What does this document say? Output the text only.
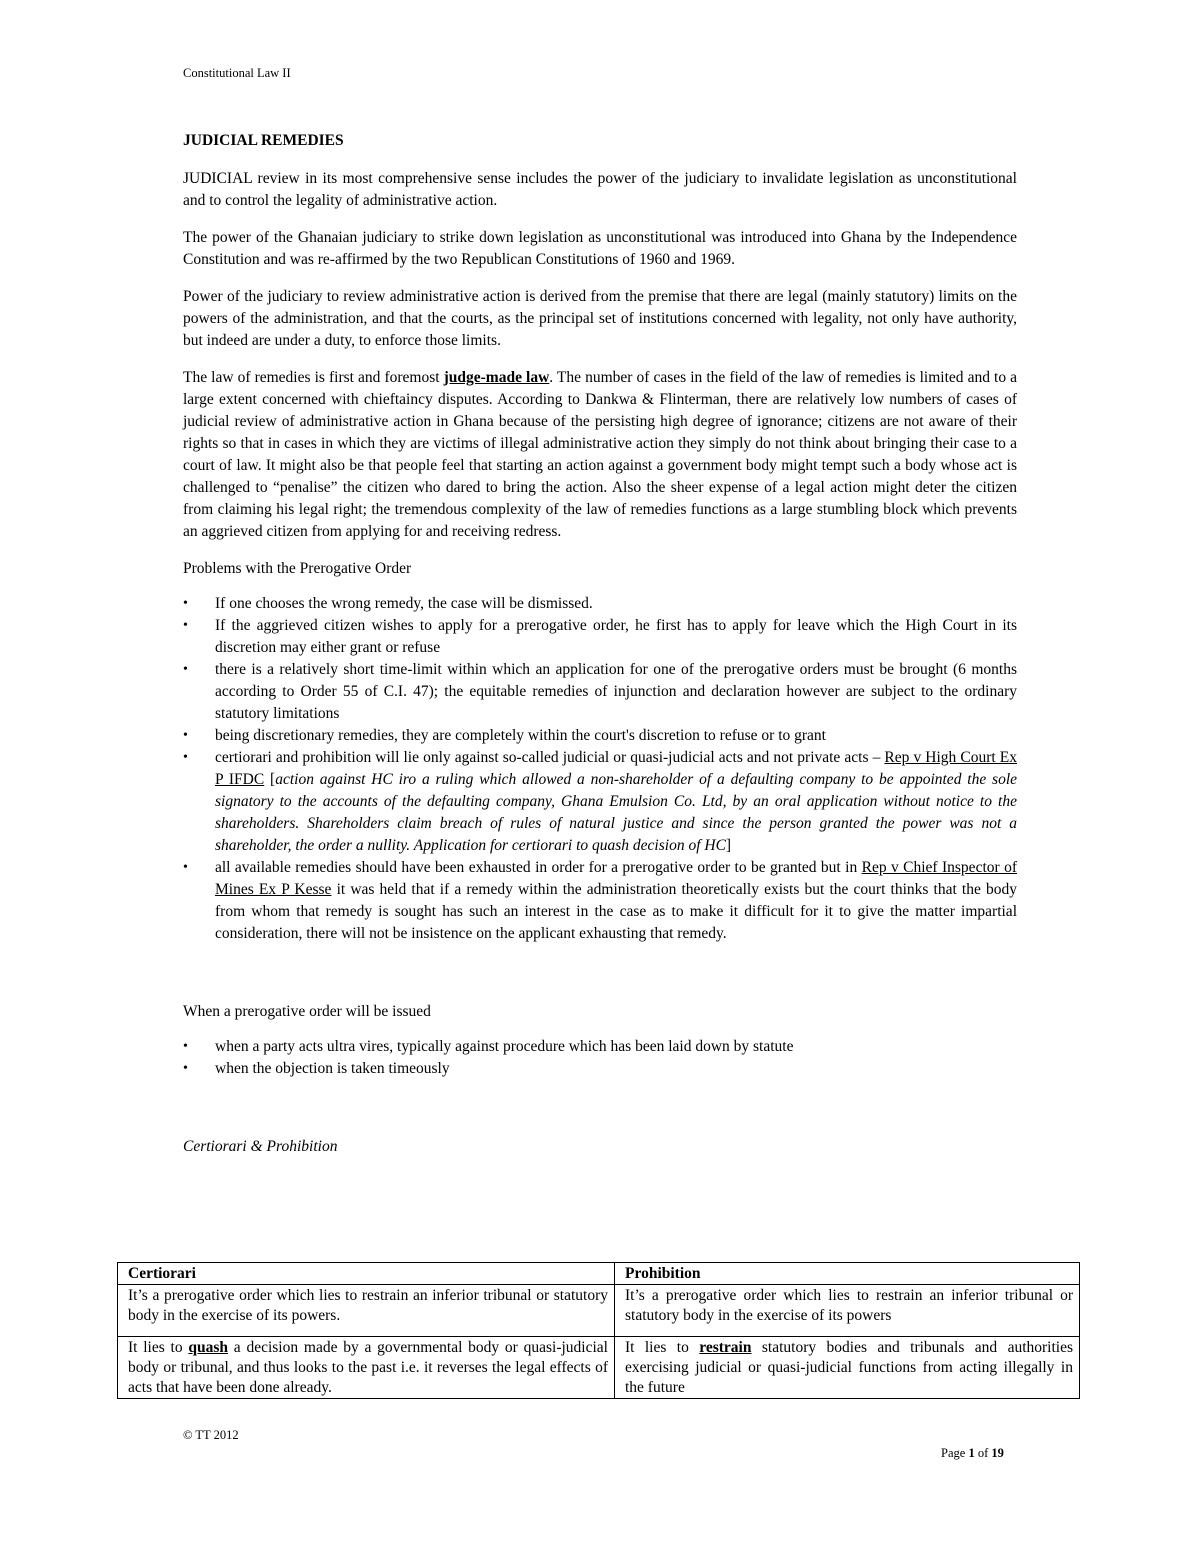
Constitutional Law II
JUDICIAL REMEDIES

JUDICIAL review in its most comprehensive sense includes the power of the judiciary to invalidate legislation as unconstitutional and to control the legality of administrative action.

The power of the Ghanaian judiciary to strike down legislation as unconstitutional was introduced into Ghana by the Independence Constitution and was re-affirmed by the two Republican Constitutions of 1960 and 1969.

Power of the judiciary to review administrative action is derived from the premise that there are legal (mainly statutory) limits on the powers of the administration, and that the courts, as the principal set of institutions concerned with legality, not only have authority, but indeed are under a duty, to enforce those limits.

The law of remedies is first and foremost judge-made law. The number of cases in the field of the law of remedies is limited and to a large extent concerned with chieftaincy disputes. According to Dankwa & Flinterman, there are relatively low numbers of cases of judicial review of administrative action in Ghana because of the persisting high degree of ignorance; citizens are not aware of their rights so that in cases in which they are victims of illegal administrative action they simply do not think about bringing their case to a court of law. It might also be that people feel that starting an action against a government body might tempt such a body whose act is challenged to “penalise” the citizen who dared to bring the action. Also the sheer expense of a legal action might deter the citizen from claiming his legal right; the tremendous complexity of the law of remedies functions as a large stumbling block which prevents an aggrieved citizen from applying for and receiving redress.

Problems with the Prerogative Order

• If one chooses the wrong remedy, the case will be dismissed.
• If the aggrieved citizen wishes to apply for a prerogative order, he first has to apply for leave which the High Court in its discretion may either grant or refuse
• there is a relatively short time-limit within which an application for one of the prerogative orders must be brought (6 months according to Order 55 of C.I. 47); the equitable remedies of injunction and declaration however are subject to the ordinary statutory limitations
• being discretionary remedies, they are completely within the court's discretion to refuse or to grant
• certiorari and prohibition will lie only against so-called judicial or quasi-judicial acts and not private acts – Rep v High Court Ex P IFDC [action against HC iro a ruling which allowed a non-shareholder of a defaulting company to be appointed the sole signatory to the accounts of the defaulting company, Ghana Emulsion Co. Ltd, by an oral application without notice to the shareholders. Shareholders claim breach of rules of natural justice and since the person granted the power was not a shareholder, the order a nullity. Application for certiorari to quash decision of HC]
• all available remedies should have been exhausted in order for a prerogative order to be granted but in Rep v Chief Inspector of Mines Ex P Kesse it was held that if a remedy within the administration theoretically exists but the court thinks that the body from whom that remedy is sought has such an interest in the case as to make it difficult for it to give the matter impartial consideration, there will not be insistence on the applicant exhausting that remedy.

When a prerogative order will be issued

• when a party acts ultra vires, typically against procedure which has been laid down by statute
• when the objection is taken timeously
Certiorari & Prohibition
Certiorari	Prohibition
It’s a prerogative order which lies to restrain an inferior tribunal or statutory body in the exercise of its powers.	It’s a prerogative order which lies to restrain an inferior tribunal or statutory body in the exercise of its powers
It lies to quash a decision made by a governmental body or quasi-judicial body or tribunal, and thus looks to the past i.e. it reverses the legal effects of acts that have been done already.	It lies to restrain statutory bodies and tribunals and authorities exercising judicial or quasi-judicial functions from acting illegally in the future
© TT 2012
Page 1 of 19
